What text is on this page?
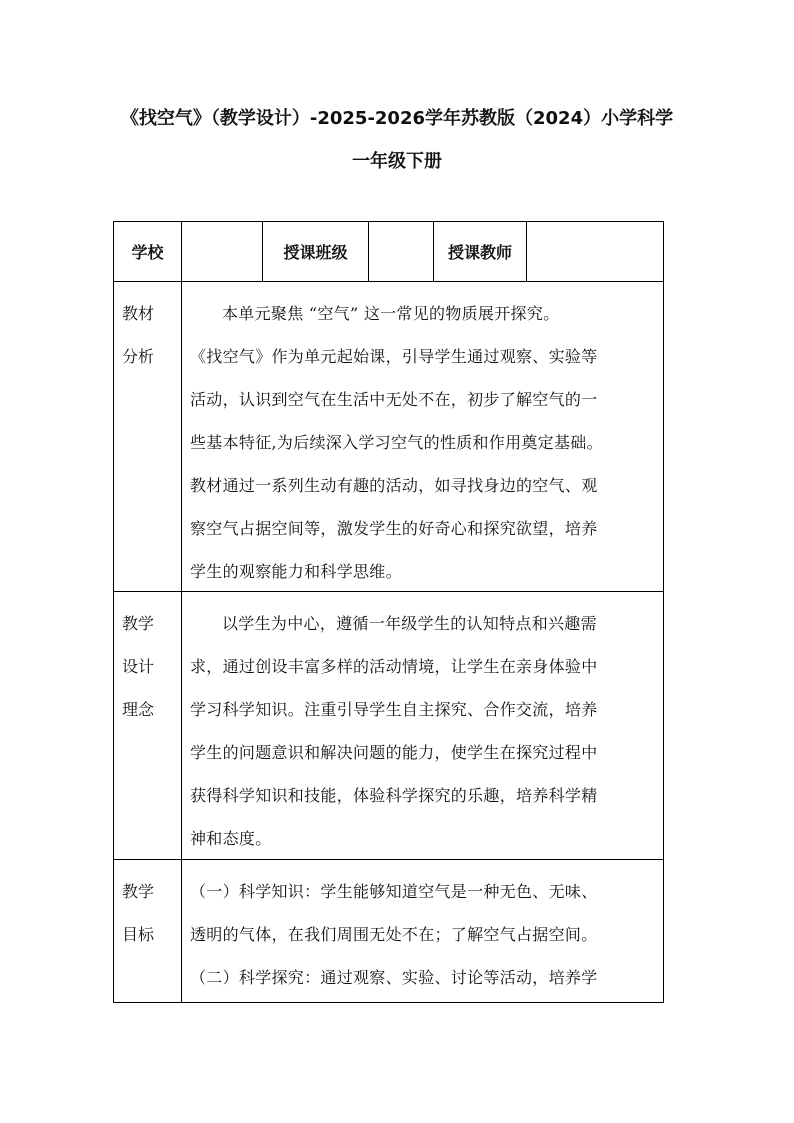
《找空气》（教学设计）-2025-2026学年苏教版（2024）小学科学
一年级下册
学校	授课班级	授课教师
教材
分析

本单元聚焦 “空气” 这一常见的物质展开探究。

《找空气》作为单元起始课，引导学生通过观察、实验等

活动，认识到空气在生活中无处不在，初步了解空气的一

些基本特征,为后续深入学习空气的性质和作用奠定基础。

教材通过一系列生动有趣的活动，如寻找身边的空气、观

察空气占据空间等，激发学生的好奇心和探究欲望，培养

学生的观察能力和科学思维。

教学
设计
理念

以学生为中心，遵循一年级学生的认知特点和兴趣需

求，通过创设丰富多样的活动情境，让学生在亲身体验中

学习科学知识。注重引导学生自主探究、合作交流，培养

学生的问题意识和解决问题的能力，使学生在探究过程中

获得科学知识和技能，体验科学探究的乐趣，培养科学精

神和态度。

教学
目标

（一）科学知识：学生能够知道空气是一种无色、无味、

透明的气体，在我们周围无处不在；了解空气占据空间。

（二）科学探究：通过观察、实验、讨论等活动，培养学
